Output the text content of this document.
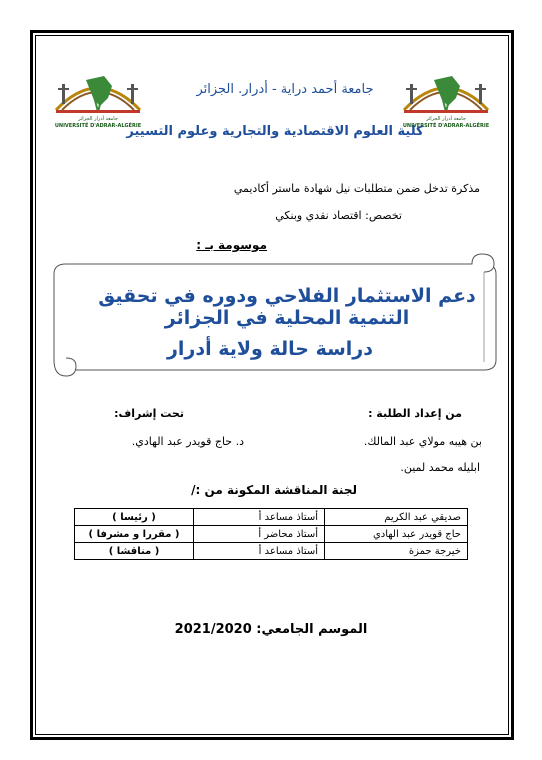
جامعة أدرار الجزائر
UNIVERSITÉ D'ADRAR-ALGÉRIE
جامعة أدرار الجزائر
UNIVERSITÉ D'ADRAR-ALGÉRIE
جامعة أحمد دراية - أدرار. الجزائر
كلية العلوم الاقتصادية والتجارية وعلوم التسيير
مذكرة تدخل ضمن متطلبات نيل شهادة ماستر أكاديمي
تخصص: اقتصاد نقدي وبنكي
موسومة بـ :
دعم الاستثمار الفلاحي ودوره في تحقيق التنمية المحلية في الجزائر
دراسة حالة ولاية أدرار
من إعداد الطلبة :
تحت إشراف:
بن هيبه مولاي عبد المالك.
د. حاج قويدر عبد الهادي.
ابليله محمد لمين.
لجنة المناقشة المكونة من :/
صديقي عبد الكريم	أستاذ مساعد أ	( رئيسا )
حاج قويدر عبد الهادي	أستاذ محاضر أ	( مقررا و مشرفا )
خيرجة حمزة	أستاذ مساعد أ	( مناقشا )
الموسم الجامعي: 2021/2020
